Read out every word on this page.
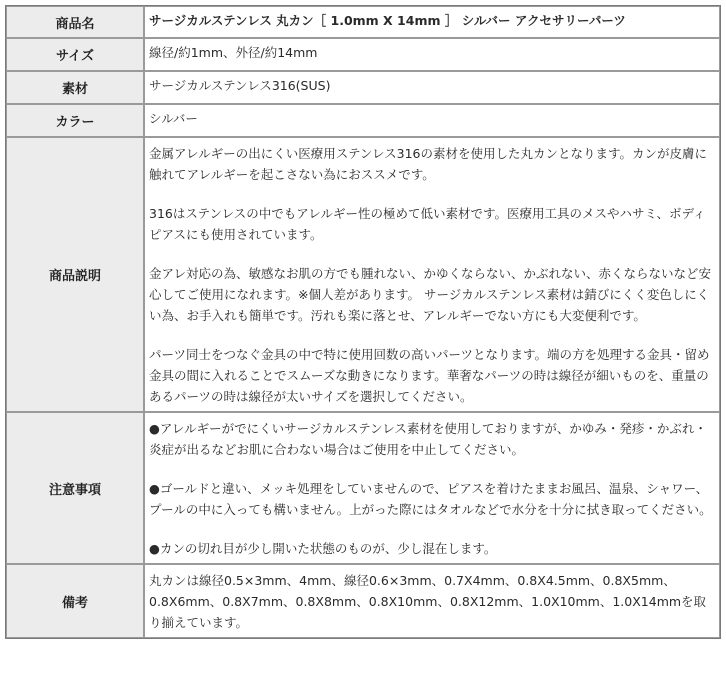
商品名	サージカルステンレス 丸カン［ 1.0mm X 14mm ］ シルバー アクセサリーパーツ
サイズ	線径/約1mm、外径/約14mm
素材	サージカルステンレス316(SUS)
カラー	シルバー
商品説明	金属アレルギーの出にくい医療用ステンレス316の素材を使用した丸カンとなります。カンが皮膚に触れてアレルギーを起こさない為におススメです。

316はステンレスの中でもアレルギー性の極めて低い素材です。医療用工具のメスやハサミ、ボディピアスにも使用されています。

金アレ対応の為、敏感なお肌の方でも腫れない、かゆくならない、かぶれない、赤くならないなど安心してご使用になれます。※個人差があります。 サージカルステンレス素材は錆びにくく変色しにくい為、お手入れも簡単です。汚れも楽に落とせ、アレルギーでない方にも大変便利です。

パーツ同士をつなぐ金具の中で特に使用回数の高いパーツとなります。端の方を処理する金具・留め金具の間に入れることでスムーズな動きになります。華奢なパーツの時は線径が細いものを、重量のあるパーツの時は線径が太いサイズを選択してください。

注意事項	●アレルギーがでにくいサージカルステンレス素材を使用しておりますが、かゆみ・発疹・かぶれ・炎症が出るなどお肌に合わない場合はご使用を中止してください。

●ゴールドと違い、メッキ処理をしていませんので、ピアスを着けたままお風呂、温泉、シャワー、プールの中に入っても構いません。上がった際にはタオルなどで水分を十分に拭き取ってください。

●カンの切れ目が少し開いた状態のものが、少し混在します。

備考	丸カンは線径0.5×3mm、4mm、線径0.6×3mm、0.7X4mm、0.8X4.5mm、0.8X5mm、0.8X6mm、0.8X7mm、0.8X8mm、0.8X10mm、0.8X12mm、1.0X10mm、1.0X14mmを取り揃えています。
